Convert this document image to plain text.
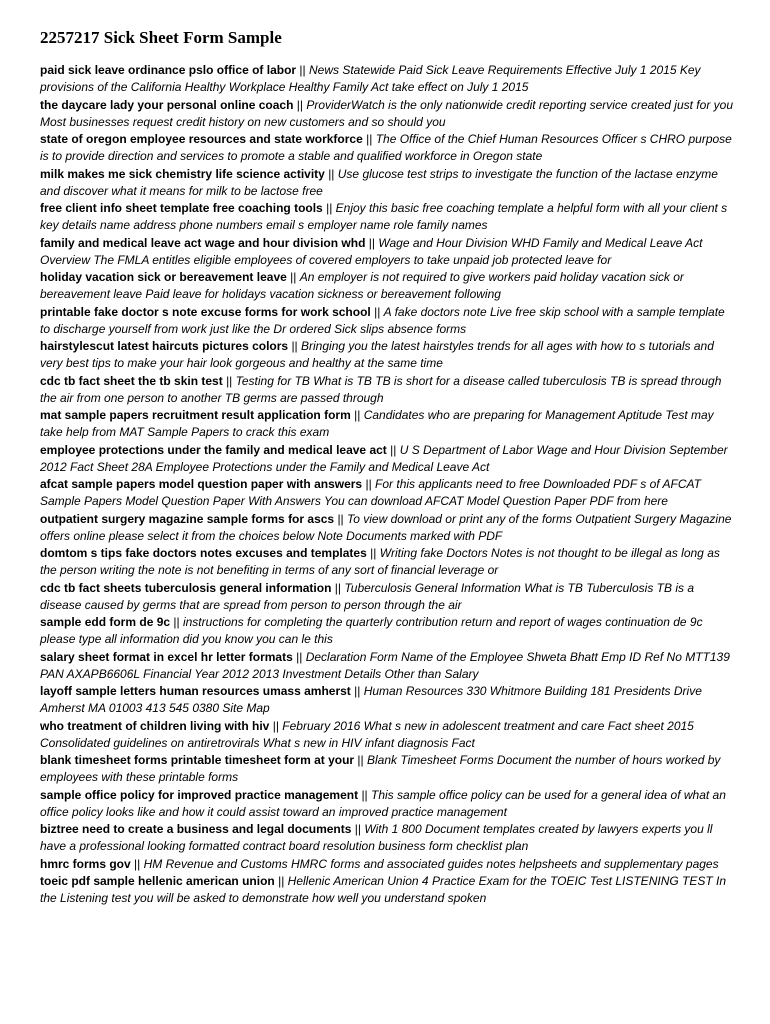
2257217 Sick Sheet Form Sample

paid sick leave ordinance pslo office of labor || News Statewide Paid Sick Leave Requirements Effective July 1 2015 Key provisions of the California Healthy Workplace Healthy Family Act take effect on July 1 2015

the daycare lady your personal online coach || ProviderWatch is the only nationwide credit reporting service created just for you Most businesses request credit history on new customers and so should you

state of oregon employee resources and state workforce || The Office of the Chief Human Resources Officer s CHRO purpose is to provide direction and services to promote a stable and qualified workforce in Oregon state

milk makes me sick chemistry life science activity || Use glucose test strips to investigate the function of the lactase enzyme and discover what it means for milk to be lactose free

free client info sheet template free coaching tools || Enjoy this basic free coaching template a helpful form with all your client s key details name address phone numbers email s employer name role family names

family and medical leave act wage and hour division whd || Wage and Hour Division WHD Family and Medical Leave Act Overview The FMLA entitles eligible employees of covered employers to take unpaid job protected leave for

holiday vacation sick or bereavement leave || An employer is not required to give workers paid holiday vacation sick or bereavement leave Paid leave for holidays vacation sickness or bereavement following

printable fake doctor s note excuse forms for work school || A fake doctors note Live free skip school with a sample template to discharge yourself from work just like the Dr ordered Sick slips absence forms

hairstylescut latest haircuts pictures colors || Bringing you the latest hairstyles trends for all ages with how to s tutorials and very best tips to make your hair look gorgeous and healthy at the same time

cdc tb fact sheet the tb skin test || Testing for TB What is TB TB is short for a disease called tuberculosis TB is spread through the air from one person to another TB germs are passed through

mat sample papers recruitment result application form || Candidates who are preparing for Management Aptitude Test may take help from MAT Sample Papers to crack this exam

employee protections under the family and medical leave act || U S Department of Labor Wage and Hour Division September 2012 Fact Sheet 28A Employee Protections under the Family and Medical Leave Act

afcat sample papers model question paper with answers || For this applicants need to free Downloaded PDF s of AFCAT Sample Papers Model Question Paper With Answers You can download AFCAT Model Question Paper PDF from here

outpatient surgery magazine sample forms for ascs || To view download or print any of the forms Outpatient Surgery Magazine offers online please select it from the choices below Note Documents marked with PDF

domtom s tips fake doctors notes excuses and templates || Writing fake Doctors Notes is not thought to be illegal as long as the person writing the note is not benefiting in terms of any sort of financial leverage or

cdc tb fact sheets tuberculosis general information || Tuberculosis General Information What is TB Tuberculosis TB is a disease caused by germs that are spread from person to person through the air

sample edd form de 9c || instructions for completing the quarterly contribution return and report of wages continuation de 9c please type all information did you know you can le this

salary sheet format in excel hr letter formats || Declaration Form Name of the Employee Shweta Bhatt Emp ID Ref No MTT139 PAN AXAPB6606L Financial Year 2012 2013 Investment Details Other than Salary

layoff sample letters human resources umass amherst || Human Resources 330 Whitmore Building 181 Presidents Drive Amherst MA 01003 413 545 0380 Site Map

who treatment of children living with hiv || February 2016 What s new in adolescent treatment and care Fact sheet 2015 Consolidated guidelines on antiretrovirals What s new in HIV infant diagnosis Fact

blank timesheet forms printable timesheet form at your || Blank Timesheet Forms Document the number of hours worked by employees with these printable forms

sample office policy for improved practice management || This sample office policy can be used for a general idea of what an office policy looks like and how it could assist toward an improved practice management

biztree need to create a business and legal documents || With 1 800 Document templates created by lawyers experts you ll have a professional looking formatted contract board resolution business form checklist plan

hmrc forms gov || HM Revenue and Customs HMRC forms and associated guides notes helpsheets and supplementary pages

toeic pdf sample hellenic american union || Hellenic American Union 4 Practice Exam for the TOEIC Test LISTENING TEST In the Listening test you will be asked to demonstrate how well you understand spoken
